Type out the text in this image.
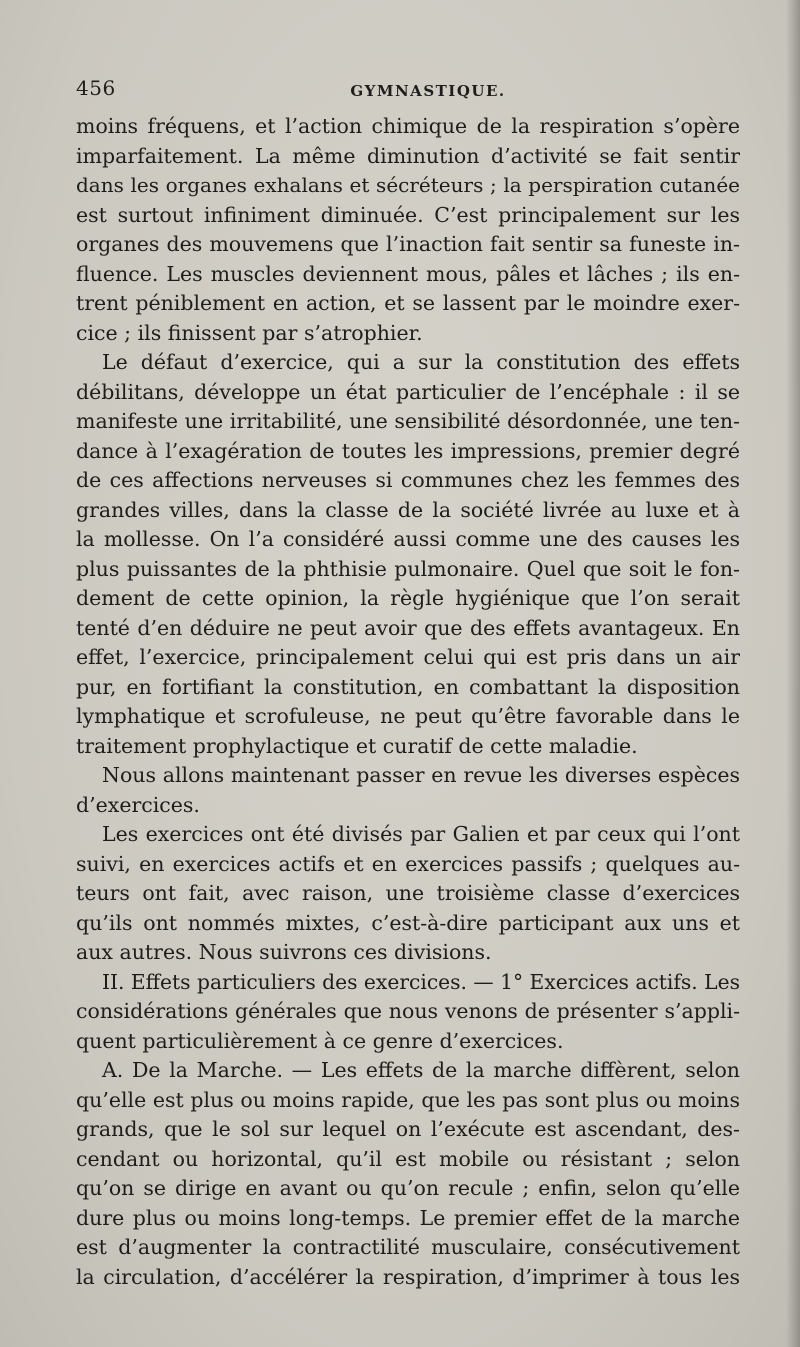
456	GYMNASTIQUE.
moins fréquens, et l’action chimique de la respiration s’opère
imparfaitement. La même diminution d’activité se fait sentir
dans les organes exhalans et sécréteurs ; la perspiration cutanée
est surtout infiniment diminuée. C’est principalement sur les
organes des mouvemens que l’inaction fait sentir sa funeste in-
fluence. Les muscles deviennent mous, pâles et lâches ; ils en-
trent péniblement en action, et se lassent par le moindre exer-
cice ; ils finissent par s’atrophier.
Le défaut d’exercice, qui a sur la constitution des effets
débilitans, développe un état particulier de l’encéphale : il se
manifeste une irritabilité, une sensibilité désordonnée, une ten-
dance à l’exagération de toutes les impressions, premier degré
de ces affections nerveuses si communes chez les femmes des
grandes villes, dans la classe de la société livrée au luxe et à
la mollesse. On l’a considéré aussi comme une des causes les
plus puissantes de la phthisie pulmonaire. Quel que soit le fon-
dement de cette opinion, la règle hygiénique que l’on serait
tenté d’en déduire ne peut avoir que des effets avantageux. En
effet, l’exercice, principalement celui qui est pris dans un air
pur, en fortifiant la constitution, en combattant la disposition
lymphatique et scrofuleuse, ne peut qu’être favorable dans le
traitement prophylactique et curatif de cette maladie.
Nous allons maintenant passer en revue les diverses espèces
d’exercices.
Les exercices ont été divisés par Galien et par ceux qui l’ont
suivi, en exercices actifs et en exercices passifs ; quelques au-
teurs ont fait, avec raison, une troisième classe d’exercices
qu’ils ont nommés mixtes, c’est-à-dire participant aux uns et
aux autres. Nous suivrons ces divisions.
II. Effets particuliers des exercices. — 1° Exercices actifs. Les
considérations générales que nous venons de présenter s’appli-
quent particulièrement à ce genre d’exercices.
A. De la Marche. — Les effets de la marche diffèrent, selon
qu’elle est plus ou moins rapide, que les pas sont plus ou moins
grands, que le sol sur lequel on l’exécute est ascendant, des-
cendant ou horizontal, qu’il est mobile ou résistant ; selon
qu’on se dirige en avant ou qu’on recule ; enfin, selon qu’elle
dure plus ou moins long-temps. Le premier effet de la marche
est d’augmenter la contractilité musculaire, consécutivement
la circulation, d’accélérer la respiration, d’imprimer à tous les
